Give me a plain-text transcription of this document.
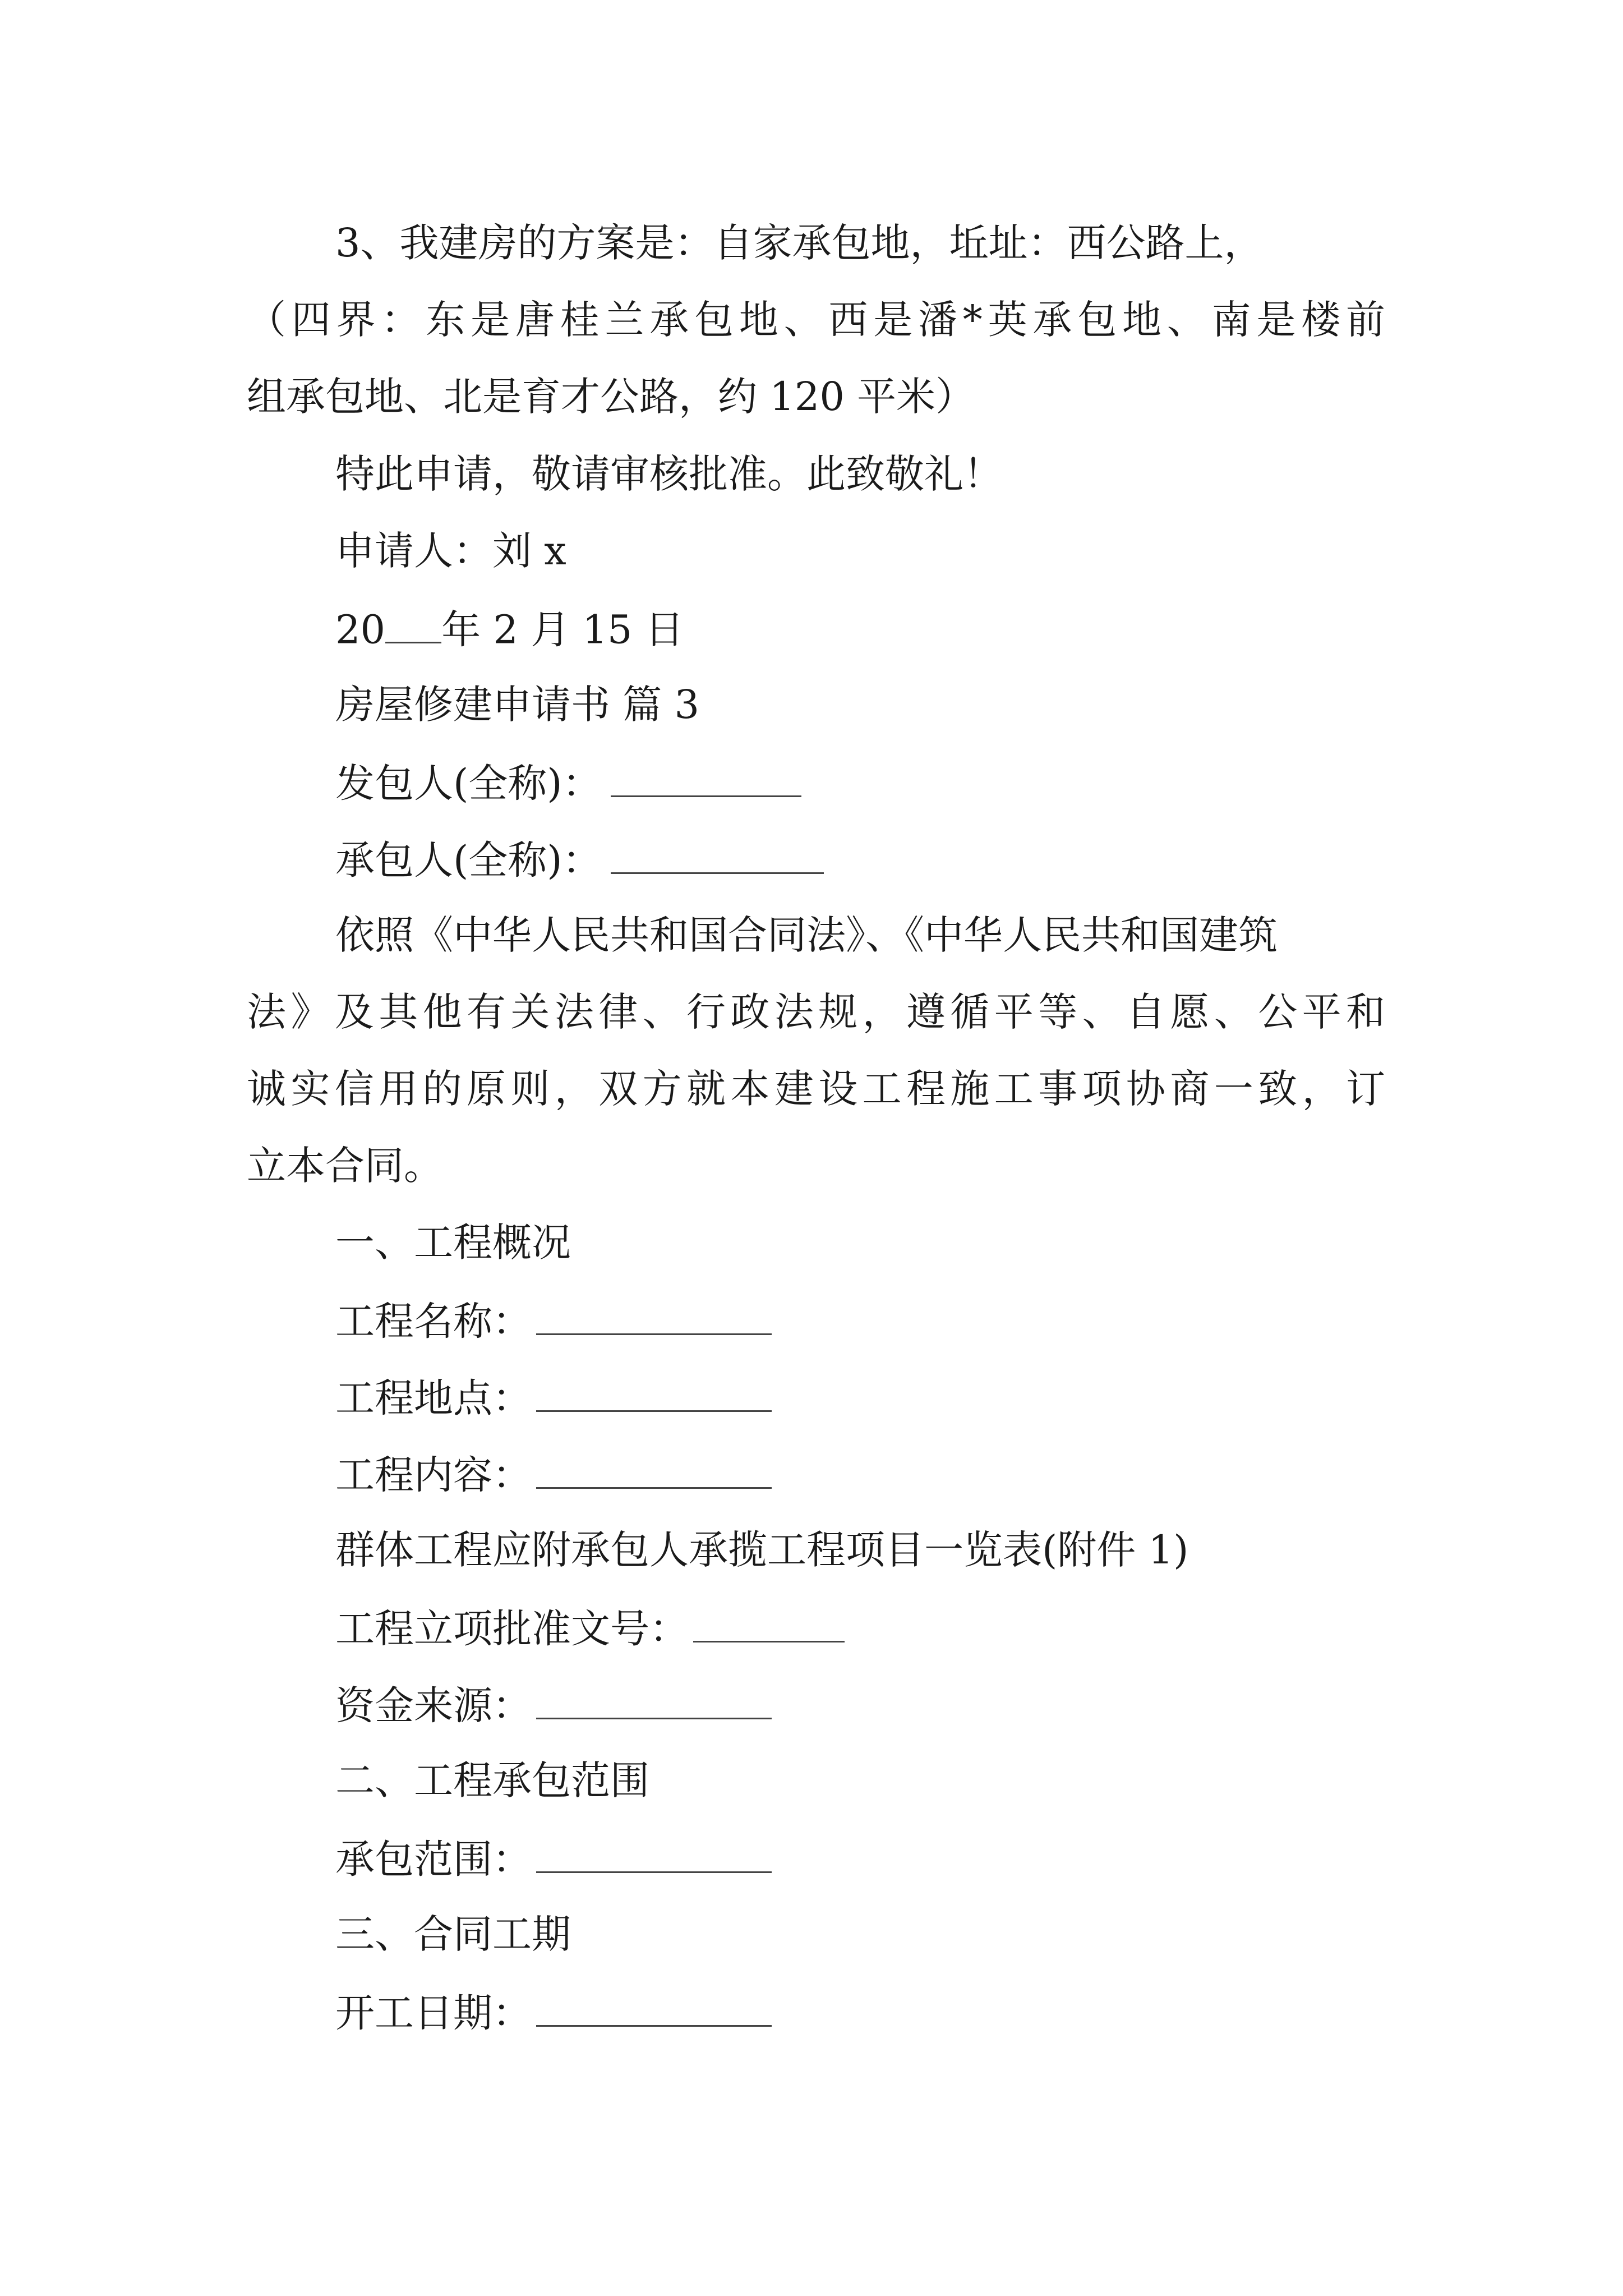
3、我建房的方案是：自家承包地，坵址：西公路上，
（四界：东是唐桂兰承包地、西是潘*英承包地、南是楼前
组承包地、北是育才公路，约 120 平米）
特此申请，敬请审核批准。此致敬礼！
申请人：刘 x
20 年 2 月 15 日
房屋修建申请书 篇 3
发包人(全称)：
承包人(全称)：
依照《中华人民共和国合同法》、《中华人民共和国建筑
法》及其他有关法律、行政法规，遵循平等、自愿、公平和
诚实信用的原则，双方就本建设工程施工事项协商一致，订
立本合同。
一、工程概况
工程名称：
工程地点：
工程内容：
群体工程应附承包人承揽工程项目一览表(附件 1)
工程立项批准文号：
资金来源：
二、工程承包范围
承包范围：
三、合同工期
开工日期：
